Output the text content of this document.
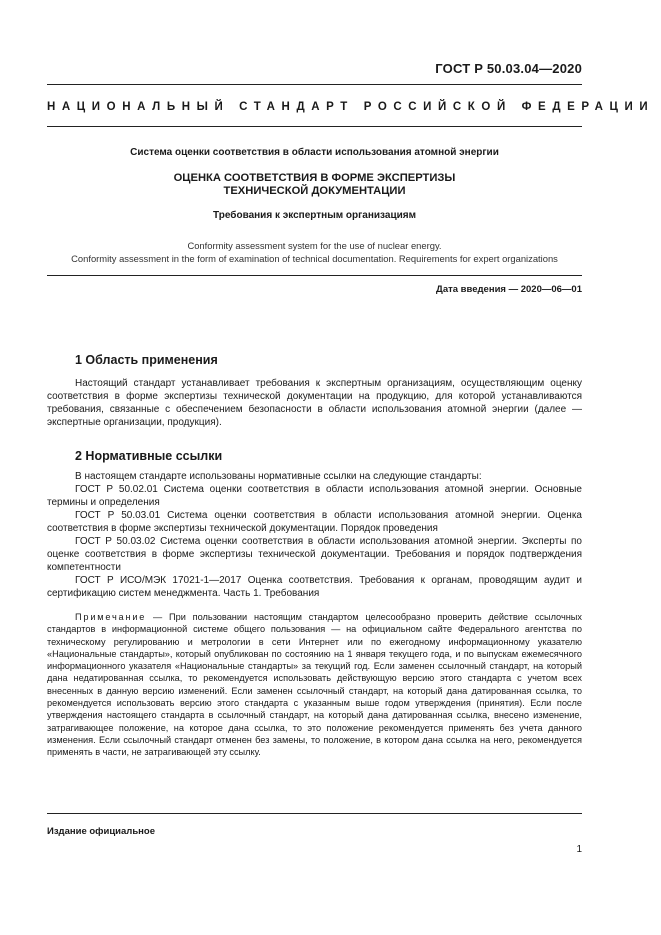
ГОСТ Р 50.03.04—2020
НАЦИОНАЛЬНЫЙ СТАНДАРТ РОССИЙСКОЙ ФЕДЕРАЦИИ
Система оценки соответствия в области использования атомной энергии
ОЦЕНКА СООТВЕТСТВИЯ В ФОРМЕ ЭКСПЕРТИЗЫ
ТЕХНИЧЕСКОЙ ДОКУМЕНТАЦИИ
Требования к экспертным организациям
Conformity assessment system for the use of nuclear energy.
Conformity assessment in the form of examination of technical documentation. Requirements for expert organizations
Дата введения — 2020—06—01
1 Область применения

Настоящий стандарт устанавливает требования к экспертным организациям, осуществляющим оценку соответствия в форме экспертизы технической документации на продукцию, для которой устанавливаются требования, связанные с обеспечением безопасности в области использования атомной энергии (далее — экспертные организации, продукция).

2 Нормативные ссылки

В настоящем стандарте использованы нормативные ссылки на следующие стандарты:

ГОСТ Р 50.02.01 Система оценки соответствия в области использования атомной энергии. Основные термины и определения

ГОСТ Р 50.03.01 Система оценки соответствия в области использования атомной энергии. Оценка соответствия в форме экспертизы технической документации. Порядок проведения

ГОСТ Р 50.03.02 Система оценки соответствия в области использования атомной энергии. Эксперты по оценке соответствия в форме экспертизы технической документации. Требования и порядок подтверждения компетентности

ГОСТ Р ИСО/МЭК 17021-1—2017 Оценка соответствия. Требования к органам, проводящим аудит и сертификацию систем менеджмента. Часть 1. Требования

Примечание — При пользовании настоящим стандартом целесообразно проверить действие ссылочных стандартов в информационной системе общего пользования — на официальном сайте Федерального агентства по техническому регулированию и метрологии в сети Интернет или по ежегодному информационному указателю «Национальные стандарты», который опубликован по состоянию на 1 января текущего года, и по выпускам ежемесячного информационного указателя «Национальные стандарты» за текущий год. Если заменен ссылочный стандарт, на который дана недатированная ссылка, то рекомендуется использовать действующую версию этого стандарта с учетом всех внесенных в данную версию изменений. Если заменен ссылочный стандарт, на который дана датированная ссылка, то рекомендуется использовать версию этого стандарта с указанным выше годом утверждения (принятия). Если после утверждения настоящего стандарта в ссылочный стандарт, на который дана датированная ссылка, внесено изменение, затрагивающее положение, на которое дана ссылка, то это положение рекомендуется применять без учета данного изменения. Если ссылочный стандарт отменен без замены, то положение, в котором дана ссылка на него, рекомендуется применять в части, не затрагивающей эту ссылку.

Издание официальное
1
